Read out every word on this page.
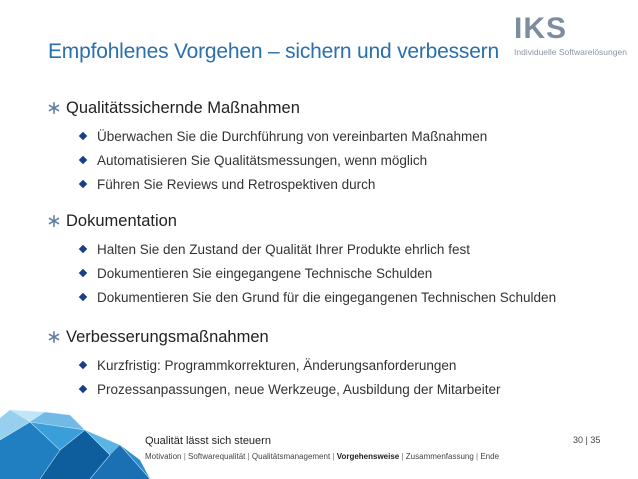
IKS
Individuelle Softwarelösungen
Empfohlenes Vorgehen – sichern und verbessern
Qualitätssichernde Maßnahmen
Überwachen Sie die Durchführung von vereinbarten Maßnahmen
Automatisieren Sie Qualitätsmessungen, wenn möglich
Führen Sie Reviews und Retrospektiven durch
Dokumentation
Halten Sie den Zustand der Qualität Ihrer Produkte ehrlich fest
Dokumentieren Sie eingegangene Technische Schulden
Dokumentieren Sie den Grund für die eingegangenen Technischen Schulden
Verbesserungsmaßnahmen
Kurzfristig: Programmkorrekturen, Änderungsanforderungen
Prozessanpassungen, neue Werkzeuge, Ausbildung der Mitarbeiter
Qualität lässt sich steuern
Motivation | Softwarequalität | Qualitätsmanagement | Vorgehensweise | Zusammenfassung | Ende
30 | 35
